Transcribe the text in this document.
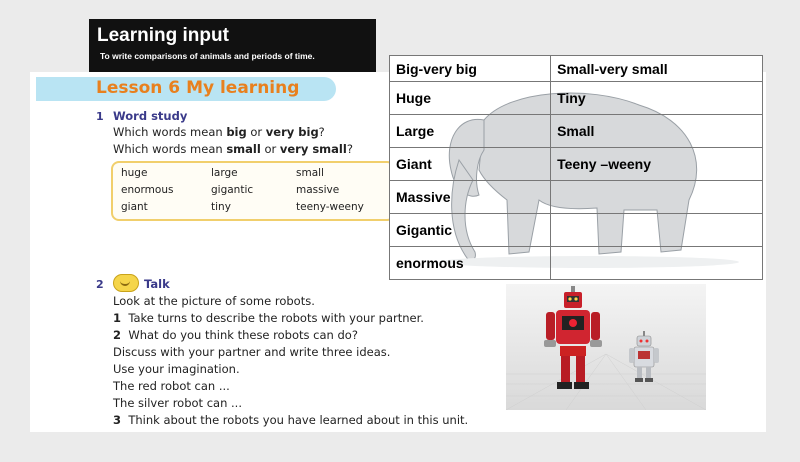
Learning input
To write comparisons of animals and periods of time.
Lesson 6 My learning
1 Word study
Which words mean big or very big?
Which words mean small or very small?
huge	large	small
enormous	gigantic	massive
giant	tiny	teeny-weeny
2	Talk
Look at the picture of some robots.
1 Take turns to describe the robots with your partner.
2 What do you think these robots can do?
Discuss with your partner and write three ideas.
Use your imagination.
The red robot can ...
The silver robot can ...
3 Think about the robots you have learned about in this unit.
Big-very big	Small-very small
Huge	Tiny
Large	Small
Giant	Teeny –weeny
Massive	
Gigantic	
enormous	
